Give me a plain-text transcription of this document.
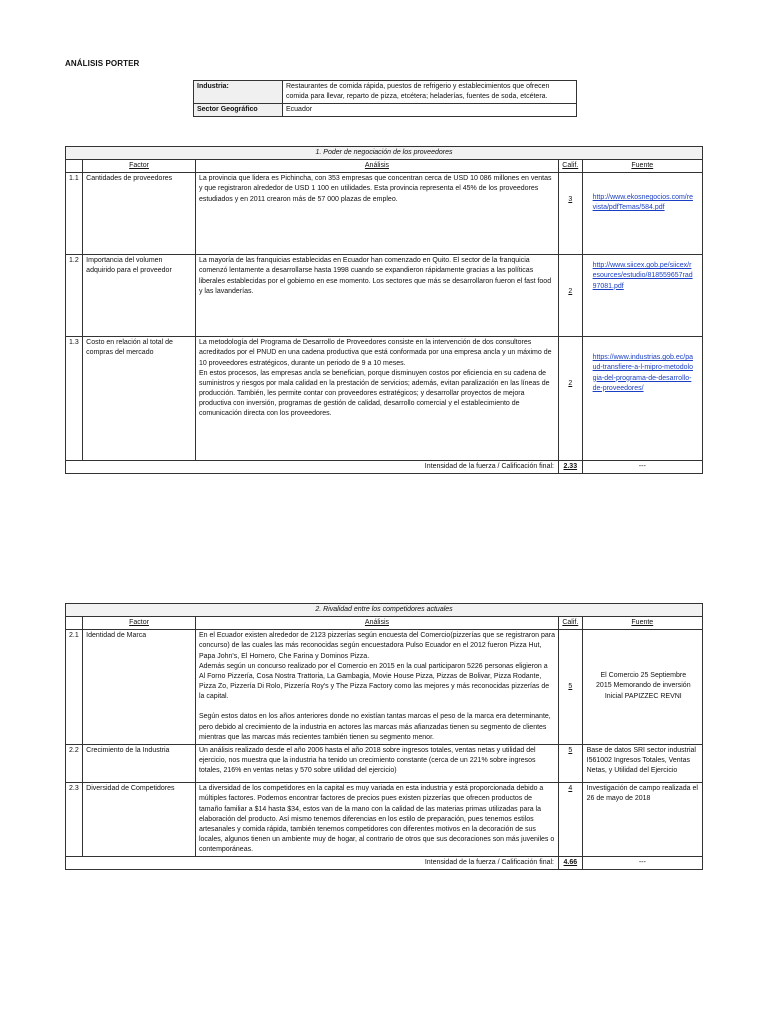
ANÁLISIS PORTER
Industria:	Restaurantes de comida rápida, puestos de refrigerio y establecimientos que ofrecen comida para llevar, reparto de pizza, etcétera; heladerías, fuentes de soda, etcétera.
Sector Geográfico	Ecuador
1. Poder de negociación de los proveedores				
	Factor	Análisis	Calif.	Fuente
1.1	Cantidades de proveedores	La provincia que lidera es Pichincha, con 353 empresas que concentran cerca de USD 10 086 millones en ventas y que registraron alrededor de USD 1 100 en utilidades. Esta provincia representa el 45% de los proveedores estudiados y en 2011 crearon más de 57 000 plazas de empleo.	3	http://www.ekosnegocios.com/revista/pdfTemas/584.pdf
1.2	Importancia del volumen adquirido para el proveedor	La mayoría de las franquicias establecidas en Ecuador han comenzado en Quito. El sector de la franquicia comenzó lentamente a desarrollarse hasta 1998 cuando se expandieron rápidamente gracias a las políticas liberales establecidas por el gobierno en ese momento. Los sectores que más se desarrollaron fueron el fast food y las lavanderías.	2	http://www.siicex.gob.pe/siicex/resources/estudio/818559657rad97081.pdf
1.3	Costo en relación al total de compras del mercado	La metodología del Programa de Desarrollo de Proveedores consiste en la intervención de dos consultores acreditados por el PNUD en una cadena productiva que está conformada por una empresa ancla y un máximo de 10 proveedores estratégicos, durante un periodo de 9 a 10 meses.
En estos procesos, las empresas ancla se benefician, porque disminuyen costos por eficiencia en su cadena de suministros y riesgos por mala calidad en la prestación de servicios; además, evitan paralización en las líneas de producción. También, les permite contar con proveedores estratégicos; y desarrollar proyectos de mejora productiva con inversión, programas de gestión de calidad, desarrollo comercial y el establecimiento de comunicación directa con los proveedores.	2	https://www.industrias.gob.ec/paud-transfiere-a-l-mipro-metodologia-del-programa-de-desarrollo-de-proveedores/
Intensidad de la fuerza / Calificación final:			2.33	---
2. Rivalidad entre los competidores actuales				
	Factor	Análisis	Calif.	Fuente
2.1	Identidad de Marca	En el Ecuador existen alrededor de 2123 pizzerías según encuesta del Comercio(pizzerías que se registraron para concurso) de las cuales las más reconocidas según encuestadora Pulso Ecuador en el 2012 fueron Pizza Hut, Papa John's, El Hornero, Che Farina y Dominos Pizza.
Además según un concurso realizado por el Comercio en 2015 en la cual participaron 5226 personas eligieron a Al Forno Pizzería, Cosa Nostra Trattoria, La Gambagia, Movie House Pizza, Pizzas de Bolivar, Pizza Rodante, Pizza Zo, Pizzería Di Rolo, Pizzería Roy's y The Pizza Factory como las mejores y más reconocidas pizzerías de la capital.

Según estos datos en los años anteriores donde no existían tantas marcas el peso de la marca era determinante, pero debido al crecimiento de la industria en actores las marcas más afianzadas tienen su segmento de clientes mientras que las marcas más recientes también tienen su segmento menor.	5	El Comercio 25 Septiembre 2015 Memorando de inversión Inicial PAPIZZEC REVNI
2.2	Crecimiento de la Industria	Un análisis realizado desde el año 2006 hasta el año 2018 sobre ingresos totales, ventas netas y utilidad del ejercicio, nos muestra que la industria ha tenido un crecimiento constante (cerca de un 221% sobre ingresos totales, 216% en ventas netas y 570 sobre utilidad del ejercicio)	5	Base de datos SRI sector industrial I561002 Ingresos Totales, Ventas Netas, y Utilidad del Ejercicio
2.3	Diversidad de Competidores	La diversidad de los competidores en la capital es muy variada en esta industria y está proporcionada debido a múltiples factores. Podemos encontrar factores de precios pues existen pizzerías que ofrecen productos de tamaño familiar a $14 hasta $34, estos van de la mano con la calidad de las materias primas utilizadas para la elaboración del producto. Así mismo tenemos diferencias en los estilo de preparación, pues tenemos estilos artesanales y comida rápida, también tenemos competidores con diferentes motivos en la decoración de sus locales, algunos tienen un ambiente muy de hogar, al contrario de otros que sus decoraciones son más juveniles o contemporáneas.	4	Investigación de campo realizada el 26 de mayo de 2018
Intensidad de la fuerza / Calificación final:			4.66	---
